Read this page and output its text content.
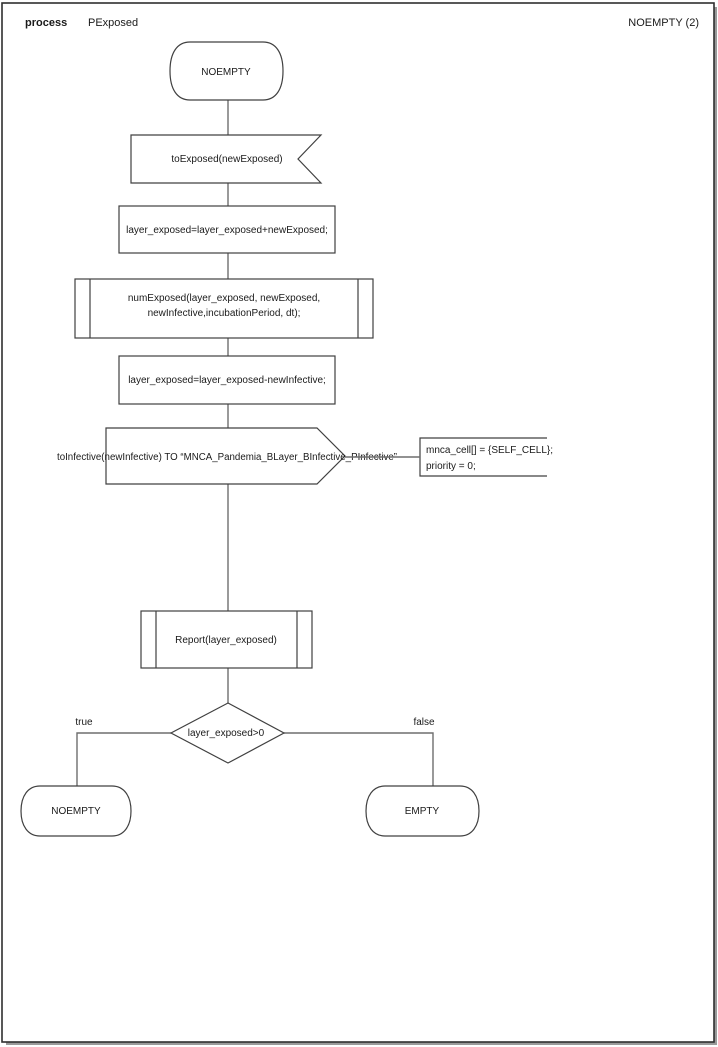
process PExposed	NOEMPTY (2)
NOEMPTY
toExposed(newExposed)
layer_exposed=layer_exposed+newExposed;
numExposed(layer_exposed, newExposed,
newInfective,incubationPeriod, dt);
layer_exposed=layer_exposed-newInfective;
toInfective(newInfective) TO “MNCA_Pandemia_BLayer_BInfective_PInfective”
mnca_cell[] = {SELF_CELL};
priority = 0;
Report(layer_exposed)
layer_exposed>0
true	false
NOEMPTY	EMPTY
